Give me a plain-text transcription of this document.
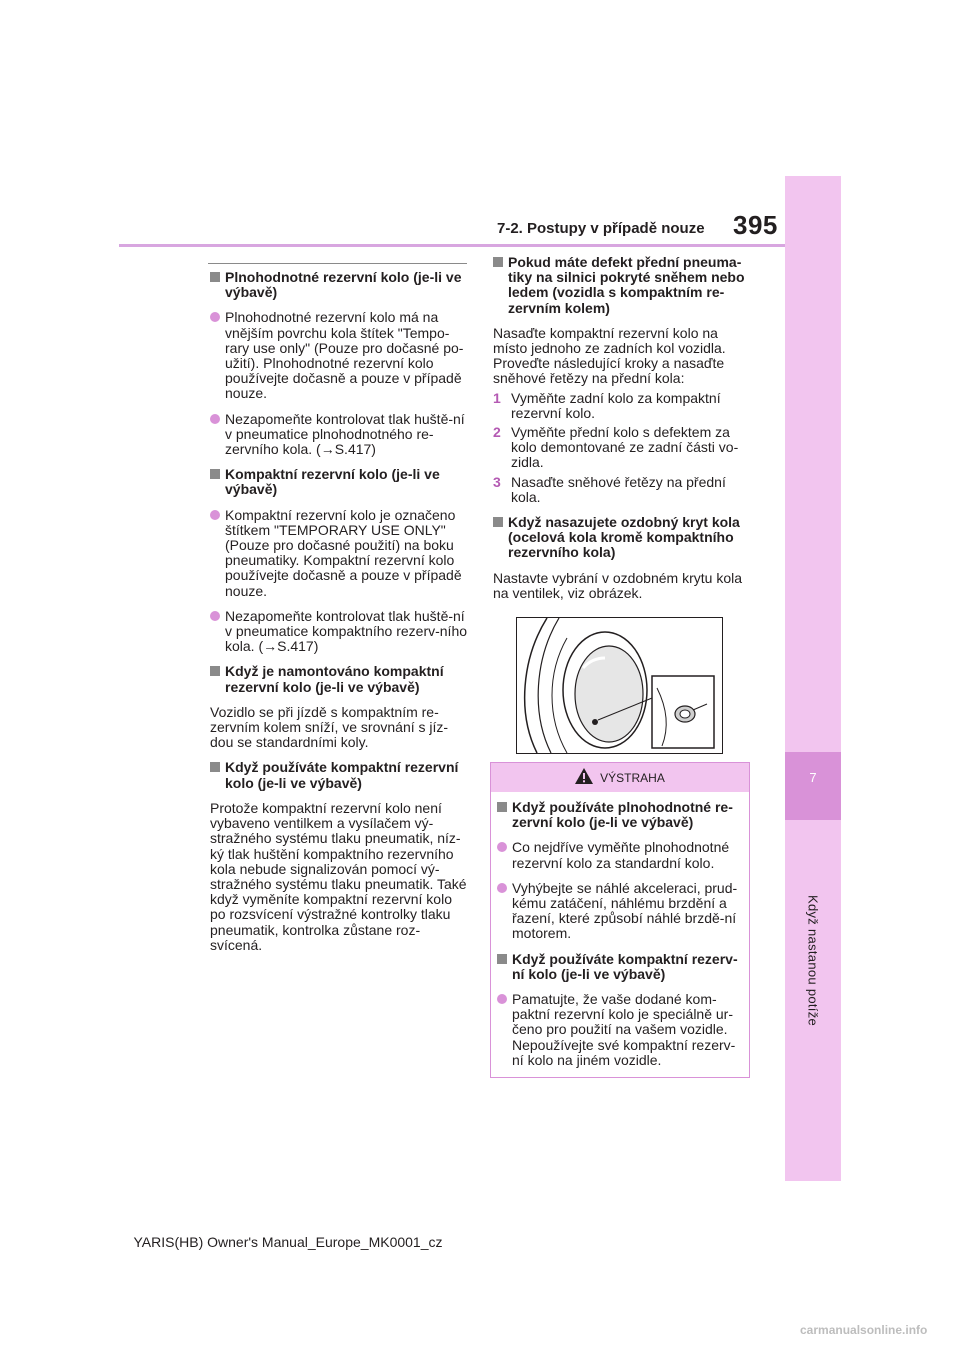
395
7-2. Postupy v případě nouze
7
Když nastanou potíže
Plnohodnotné rezervní kolo (je-li ve výbavě)
Plnohodnotné rezervní kolo má na vnějším povrchu kola štítek "Tempo-rary use only" (Pouze pro dočasné po-užití). Plnohodnotné rezervní kolo používejte dočasně a pouze v případě nouze.
Nezapomeňte kontrolovat tlak huště-ní v pneumatice plnohodnotného re-zervního kola. (→S.417)
Kompaktní rezervní kolo (je-li ve výbavě)
Kompaktní rezervní kolo je označeno štítkem "TEMPORARY USE ONLY" (Pouze pro dočasné použití) na boku pneumatiky. Kompaktní rezervní kolo používejte dočasně a pouze v případě nouze.
Nezapomeňte kontrolovat tlak huště-ní v pneumatice kompaktního rezerv-ního kola. (→S.417)
Když je namontováno kompaktní rezervní kolo (je-li ve výbavě)
Vozidlo se při jízdě s kompaktním re-zervním kolem sníží, ve srovnání s jíz-dou se standardními koly.
Když používáte kompaktní rezervní kolo (je-li ve výbavě)
Protože kompaktní rezervní kolo není vybaveno ventilkem a vysílačem vý-stražného systému tlaku pneumatik, níz-ký tlak huštění kompaktního rezervního kola nebude signalizován pomocí vý-stražného systému tlaku pneumatik. Také když vyměníte kompaktní rezervní kolo po rozsvícení výstražné kontrolky tlaku pneumatik, kontrolka zůstane roz-svícená.
Pokud máte defekt přední pneuma-tiky na silnici pokryté sněhem nebo ledem (vozidla s kompaktním re-zervním kolem)
Nasaďte kompaktní rezervní kolo na místo jednoho ze zadních kol vozidla. Proveďte následující kroky a nasaďte sněhové řetězy na přední kola:
1 Vyměňte zadní kolo za kompaktní rezervní kolo.
2 Vyměňte přední kolo s defektem za kolo demontované ze zadní části vo-zidla.
3 Nasaďte sněhové řetězy na přední kola.
Když nasazujete ozdobný kryt kola (ocelová kola kromě kompaktního rezervního kola)
Nastavte vybrání v ozdobném krytu kola na ventilek, viz obrázek.
VÝSTRAHA
Když používáte plnohodnotné re-zervní kolo (je-li ve výbavě)
Co nejdříve vyměňte plnohodnotné rezervní kolo za standardní kolo.
Vyhýbejte se náhlé akceleraci, prud-kému zatáčení, náhlému brzdění a řazení, které způsobí náhlé brzdě-ní motorem.
Když používáte kompaktní rezerv-ní kolo (je-li ve výbavě)
Pamatujte, že vaše dodané kom-paktní rezervní kolo je speciálně ur-čeno pro použití na vašem vozidle. Nepoužívejte své kompaktní rezerv-ní kolo na jiném vozidle.
YARIS(HB) Owner's Manual_Europe_MK0001_cz
carmanualsonline.info
